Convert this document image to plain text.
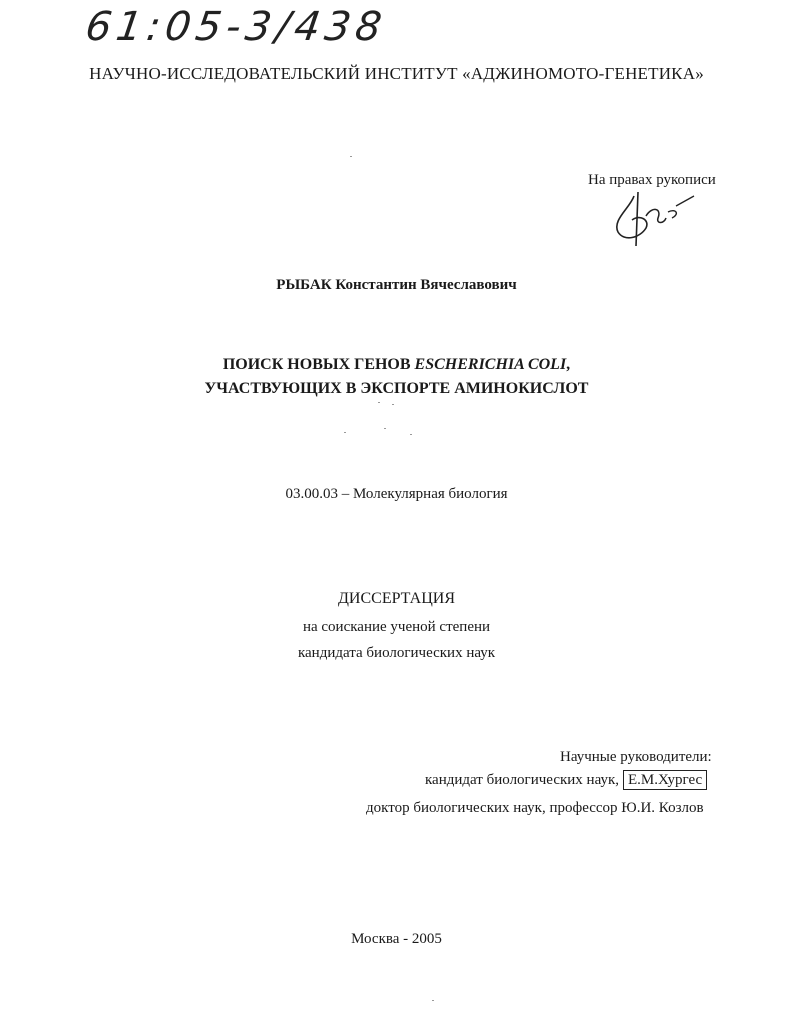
61:05-3/438
НАУЧНО-ИССЛЕДОВАТЕЛЬСКИЙ ИНСТИТУТ «АДЖИНОМОТО-ГЕНЕТИКА»
На правах рукописи
РЫБАК Константин Вячеславович
ПОИСК НОВЫХ ГЕНОВ ESCHERICHIA COLI,
УЧАСТВУЮЩИХ В ЭКСПОРТЕ АМИНОКИСЛОТ
03.00.03 – Молекулярная биология
ДИССЕРТАЦИЯ
на соискание ученой степени
кандидата биологических наук
Научные руководители:
кандидат биологических наук, Е.М.Хургес
доктор биологических наук, профессор Ю.И. Козлов
Москва - 2005
